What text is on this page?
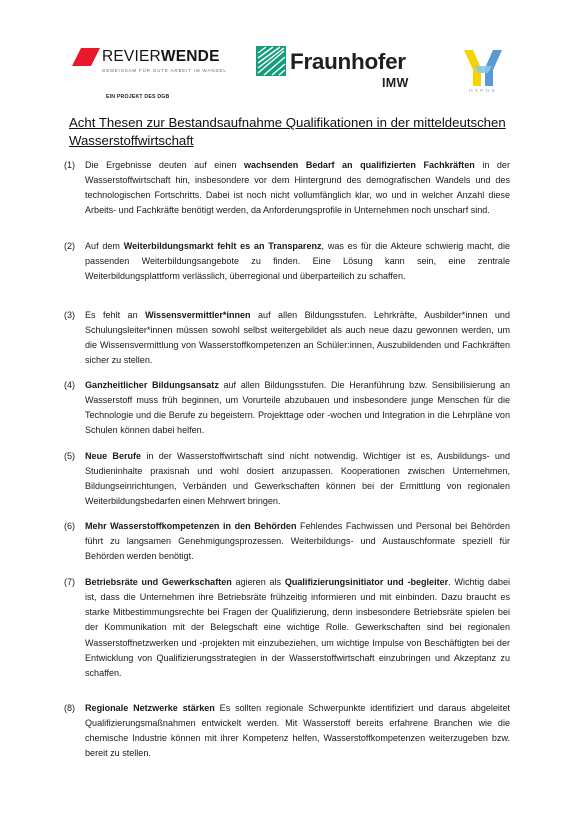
REVIERWENDE
GEMEINSAM FÜR GUTE ARBEIT IM WANDEL
EIN PROJEKT DES DGB
Fraunhofer
IMW
HYPOS
Acht Thesen zur Bestandsaufnahme Qualifikationen in der mitteldeutschen Wasserstoffwirtschaft
(1) Die Ergebnisse deuten auf einen wachsenden Bedarf an qualifizierten Fachkräften in der Wasserstoffwirtschaft hin, insbesondere vor dem Hintergrund des demografischen Wandels und des technologischen Fortschritts. Dabei ist noch nicht vollumfänglich klar, wo und in welcher Anzahl diese Arbeits- und Fachkräfte benötigt werden, da Anforderungsprofile in Unternehmen noch unscharf sind.
(2) Auf dem Weiterbildungsmarkt fehlt es an Transparenz, was es für die Akteure schwierig macht, die passenden Weiterbildungsangebote zu finden. Eine Lösung kann sein, eine zentrale Weiterbildungsplattform verlässlich, überregional und überparteilich zu schaffen.
(3) Es fehlt an Wissensvermittler*innen auf allen Bildungsstufen. Lehrkräfte, Ausbilder*innen und Schulungsleiter*innen müssen sowohl selbst weitergebildet als auch neue dazu gewonnen werden, um die Wissensvermittlung von Wasserstoffkompetenzen an Schüler:innen, Auszubildenden und Fachkräften sicher zu stellen.
(4) Ganzheitlicher Bildungsansatz auf allen Bildungsstufen. Die Heranführung bzw. Sensibilisierung an Wasserstoff muss früh beginnen, um Vorurteile abzubauen und insbesondere junge Menschen für die Technologie und die Berufe zu begeistern. Projekttage oder -wochen und Integration in die Lehrpläne von Schulen können dabei helfen.
(5) Neue Berufe in der Wasserstoffwirtschaft sind nicht notwendig. Wichtiger ist es, Ausbildungs- und Studieninhalte praxisnah und wohl dosiert anzupassen. Kooperationen zwischen Unternehmen, Bildungseinrichtungen, Verbänden und Gewerkschaften können bei der Ermittlung von regionalen Weiterbildungsbedarfen einen Mehrwert bringen.
(6) Mehr Wasserstoffkompetenzen in den Behörden Fehlendes Fachwissen und Personal bei Behörden führt zu langsamen Genehmigungsprozessen. Weiterbildungs- und Austauschformate speziell für Behörden werden benötigt.
(7) Betriebsräte und Gewerkschaften agieren als Qualifizierungsinitiator und -begleiter. Wichtig dabei ist, dass die Unternehmen ihre Betriebsräte frühzeitig informieren und mit einbinden. Dazu braucht es starke Mitbestimmungsrechte bei Fragen der Qualifizierung, denn insbesondere Betriebsräte spielen bei der Kommunikation mit der Belegschaft eine wichtige Rolle. Gewerkschaften sind bei regionalen Wasserstoffnetzwerken und -projekten mit einzubeziehen, um wichtige Impulse von Beschäftigten bei der Entwicklung von Qualifizierungsstrategien in der Wasserstoffwirtschaft einzubringen und Akzeptanz zu schaffen.
(8) Regionale Netzwerke stärken Es sollten regionale Schwerpunkte identifiziert und daraus abgeleitet Qualifizierungsmaßnahmen entwickelt werden. Mit Wasserstoff bereits erfahrene Branchen wie die chemische Industrie können mit ihrer Kompetenz helfen, Wasserstoffkompetenzen weiterzugeben bzw. bereit zu stellen.
